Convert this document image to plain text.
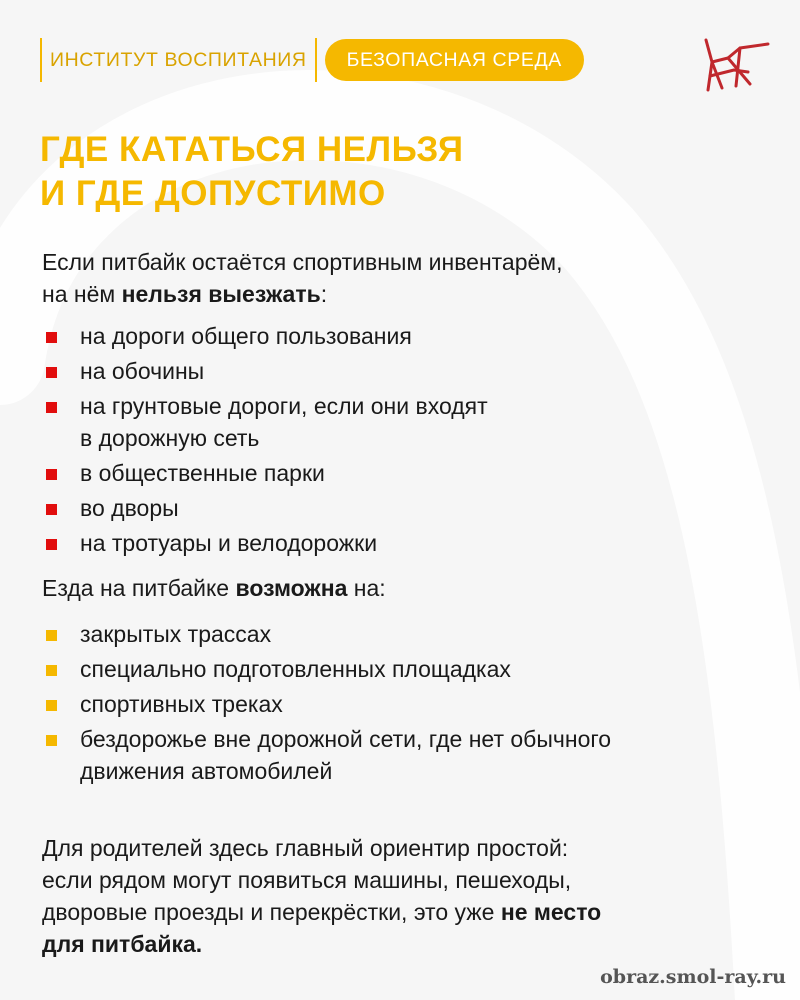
ИНСТИТУТ ВОСПИТАНИЯ	БЕЗОПАСНАЯ СРЕДА
ГДЕ КАТАТЬСЯ НЕЛЬЗЯ
И ГДЕ ДОПУСТИМО

Если питбайк остаётся спортивным инвентарём,
на нём нельзя выезжать:

на дороги общего пользования
на обочины
на грунтовые дороги, если они входят
в дорожную сеть
в общественные парки
во дворы
на тротуары и велодорожки

Езда на питбайке возможна на:

закрытых трассах
специально подготовленных площадках
спортивных треках
бездорожье вне дорожной сети, где нет обычного
движения автомобилей

Для родителей здесь главный ориентир простой:
если рядом могут появиться машины, пешеходы,
дворовые проезды и перекрёстки, это уже не место
для питбайка.

obraz.smol-ray.ru
